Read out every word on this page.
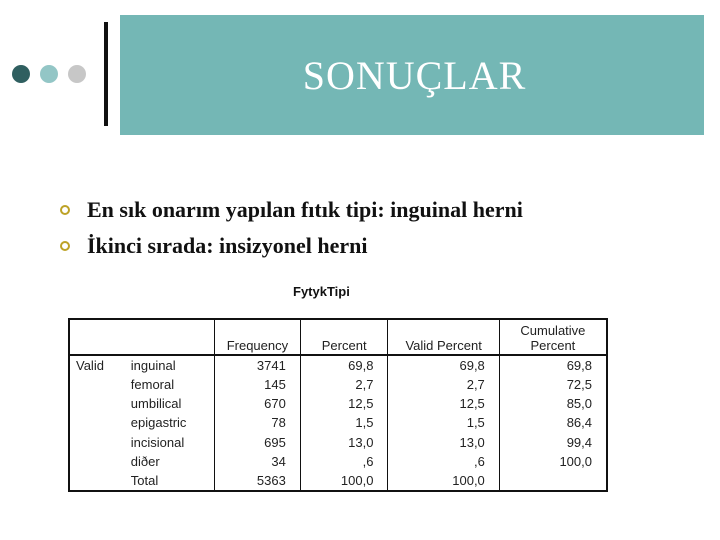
SONUÇLAR
En sık onarım yapılan fıtık tipi: inguinal herni
İkinci sırada: insizyonel herni
FytykTipi
		Frequency	Percent	Valid Percent	Cumulative Percent
Valid	inguinal	3741	69,8	69,8	69,8
	femoral	145	2,7	2,7	72,5
	umbilical	670	12,5	12,5	85,0
	epigastric	78	1,5	1,5	86,4
	incisional	695	13,0	13,0	99,4
	diðer	34	,6	,6	100,0
	Total	5363	100,0	100,0	
